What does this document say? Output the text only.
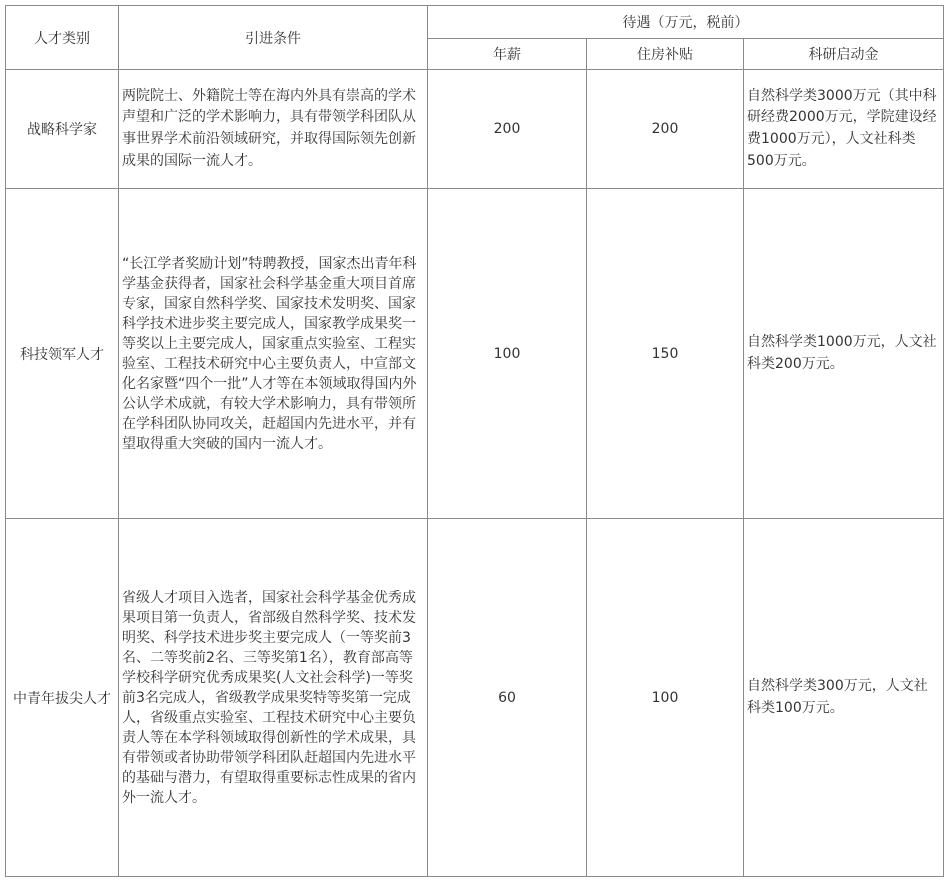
人才类别	引进条件	待遇（万元，税前）		
		年薪	住房补贴	科研启动金
战略科学家	两院院士、外籍院士等在海内外具有崇高的学术声望和广泛的学术影响力，具有带领学科团队从事世界学术前沿领域研究，并取得国际领先创新成果的国际一流人才。	200	200	自然科学类3000万元（其中科研经费2000万元，学院建设经费1000万元），人文社科类500万元。
科技领军人才	“长江学者奖励计划”特聘教授，国家杰出青年科学基金获得者，国家社会科学基金重大项目首席专家，国家自然科学奖、国家技术发明奖、国家科学技术进步奖主要完成人，国家教学成果奖一等奖以上主要完成人，国家重点实验室、工程实验室、工程技术研究中心主要负责人，中宣部文化名家暨“四个一批”人才等在本领域取得国内外公认学术成就，有较大学术影响力，具有带领所在学科团队协同攻关，赶超国内先进水平，并有望取得重大突破的国内一流人才。	100	150	自然科学类1000万元，人文社科类200万元。
中青年拔尖人才	省级人才项目入选者，国家社会科学基金优秀成果项目第一负责人，省部级自然科学奖、技术发明奖、科学技术进步奖主要完成人（一等奖前3名、二等奖前2名、三等奖第1名），教育部高等学校科学研究优秀成果奖(人文社会科学)一等奖前3名完成人，省级教学成果奖特等奖第一完成人，省级重点实验室、工程技术研究中心主要负责人等在本学科领域取得创新性的学术成果，具有带领或者协助带领学科团队赶超国内先进水平的基础与潜力，有望取得重要标志性成果的省内外一流人才。	60	100	自然科学类300万元，人文社科类100万元。
